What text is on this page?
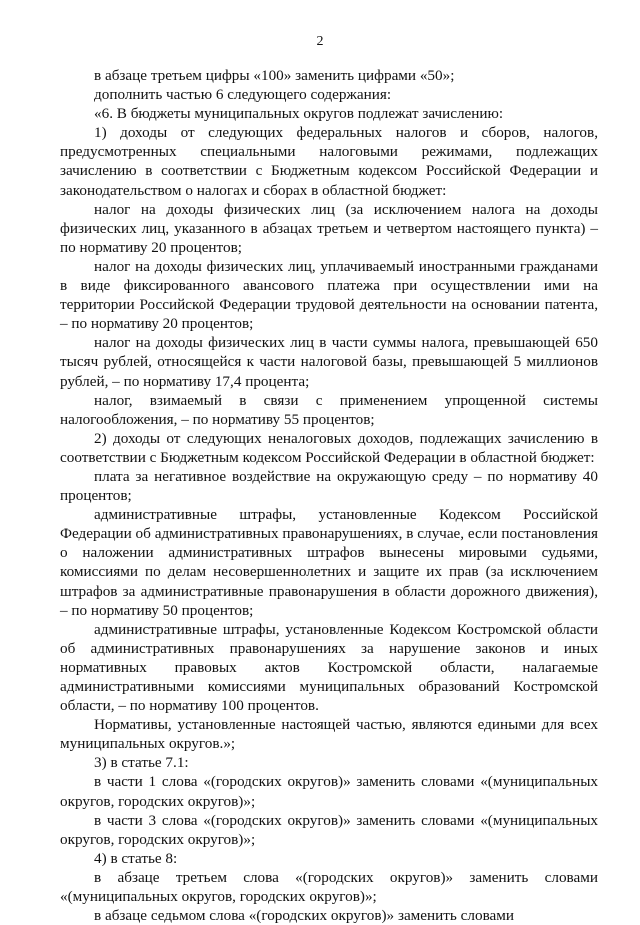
2

в абзаце третьем цифры «100» заменить цифрами «50»;

дополнить частью 6 следующего содержания:

«6. В бюджеты муниципальных округов подлежат зачислению:

1) доходы от следующих федеральных налогов и сборов, налогов, предусмотренных специальными налоговыми режимами, подлежащих зачислению в соответствии с Бюджетным кодексом Российской Федерации и законодательством о налогах и сборах в областной бюджет:

налог на доходы физических лиц (за исключением налога на доходы физических лиц, указанного в абзацах третьем и четвертом настоящего пункта) – по нормативу 20 процентов;

налог на доходы физических лиц, уплачиваемый иностранными гражданами в виде фиксированного авансового платежа при осуществлении ими на территории Российской Федерации трудовой деятельности на основании патента, – по нормативу 20 процентов;

налог на доходы физических лиц в части суммы налога, превышающей 650 тысяч рублей, относящейся к части налоговой базы, превышающей 5 миллионов рублей, – по нормативу 17,4 процента;

налог, взимаемый в связи с применением упрощенной системы налогообложения, – по нормативу 55 процентов;

2) доходы от следующих неналоговых доходов, подлежащих зачислению в соответствии с Бюджетным кодексом Российской Федерации в областной бюджет:

плата за негативное воздействие на окружающую среду – по нормативу 40 процентов;

административные штрафы, установленные Кодексом Российской Федерации об административных правонарушениях, в случае, если постановления о наложении административных штрафов вынесены мировыми судьями, комиссиями по делам несовершеннолетних и защите их прав (за исключением штрафов за административные правонарушения в области дорожного движения), – по нормативу 50 процентов;

административные штрафы, установленные Кодексом Костромской области об административных правонарушениях за нарушение законов и иных нормативных правовых актов Костромской области, налагаемые административными комиссиями муниципальных образований Костромской области, – по нормативу 100 процентов.

Нормативы, установленные настоящей частью, являются едиными для всех муниципальных округов.»;

3) в статье 7.1:

в части 1 слова «(городских округов)» заменить словами «(муниципальных округов, городских округов)»;

в части 3 слова «(городских округов)» заменить словами «(муниципальных округов, городских округов)»;

4) в статье 8:

в абзаце третьем слова «(городских округов)» заменить словами «(муниципальных округов, городских округов)»;

в абзаце седьмом слова «(городских округов)» заменить словами
